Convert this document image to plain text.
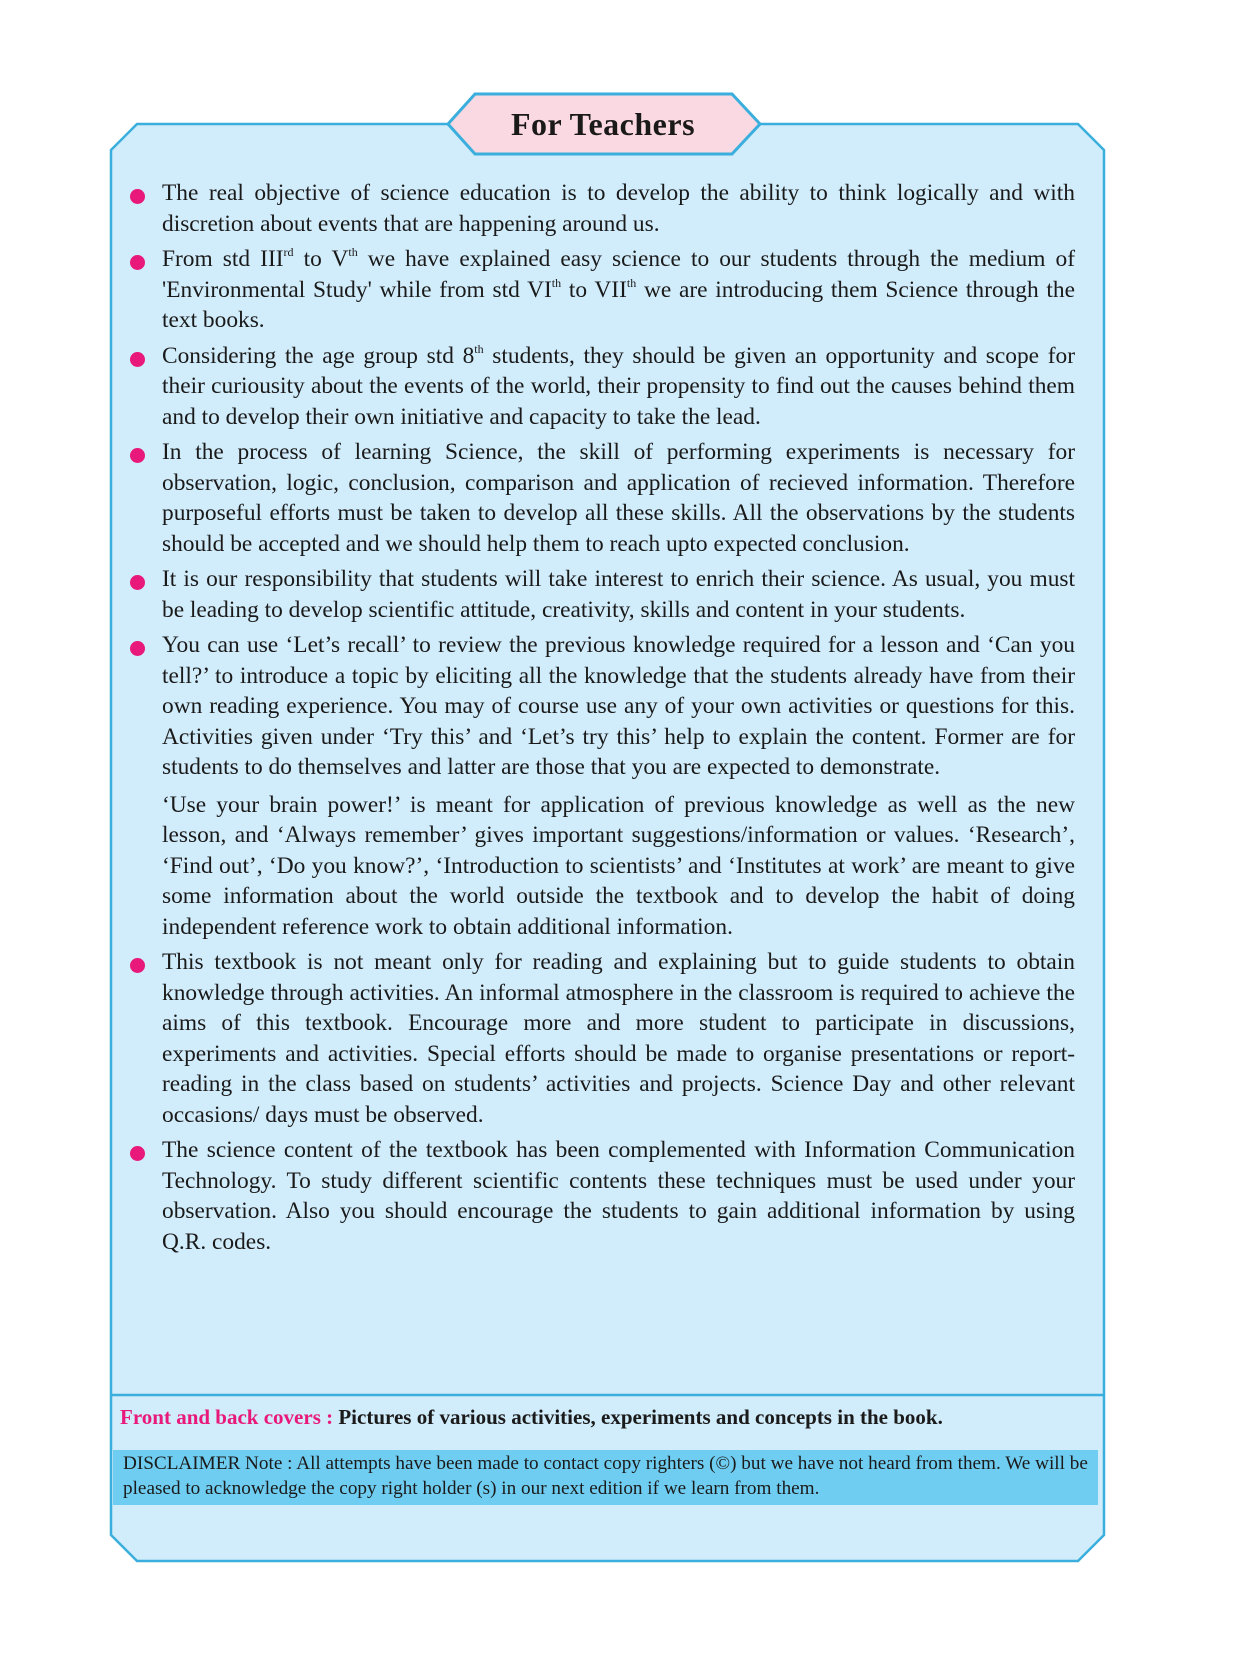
For Teachers

The real objective of science education is to develop the ability to think logically and with discretion about events that are happening around us.

From std IIIrd to Vth we have explained easy science to our students through the medium of 'Environmental Study' while from std VIth to VIIth we are introducing them Science through the text books.

Considering the age group std 8th students, they should be given an opportunity and scope for their curiousity about the events of the world, their propensity to find out the causes behind them and to develop their own initiative and capacity to take the lead.

In the process of learning Science, the skill of performing experiments is necessary for observation, logic, conclusion, comparison and application of recieved information. Therefore purposeful efforts must be taken to develop all these skills. All the observations by the students should be accepted and we should help them to reach upto expected conclusion.

It is our responsibility that students will take interest to enrich their science. As usual, you must be leading to develop scientific attitude, creativity, skills and content in your students.

You can use ‘Let’s recall’ to review the previous knowledge required for a lesson and ‘Can you tell?’ to introduce a topic by eliciting all the knowledge that the students already have from their own reading experience. You may of course use any of your own activities or questions for this. Activities given under ‘Try this’ and ‘Let’s try this’ help to explain the content. Former are for students to do themselves and latter are those that you are expected to demonstrate.

‘Use your brain power!’ is meant for application of previous knowledge as well as the new lesson, and ‘Always remember’ gives important suggestions/information or values. ‘Research’, ‘Find out’, ‘Do you know?’, ‘Introduction to scientists’ and ‘Institutes at work’ are meant to give some information about the world outside the textbook and to develop the habit of doing independent reference work to obtain additional information.

This textbook is not meant only for reading and explaining but to guide students to obtain knowledge through activities. An informal atmosphere in the classroom is required to achieve the aims of this textbook. Encourage more and more student to participate in discussions, experiments and activities. Special efforts should be made to organise presentations or report-reading in the class based on students’ activities and projects. Science Day and other relevant occasions/ days must be observed.

The science content of the textbook has been complemented with Information Communication Technology. To study different scientific contents these techniques must be used under your observation. Also you should encourage the students to gain additional information by using Q.R. codes.

Front and back covers : Pictures of various activities, experiments and concepts in the book.

DISCLAIMER Note : All attempts have been made to contact copy righters (©) but we have not heard from them. We will be pleased to acknowledge the copy right holder (s) in our next edition if we learn from them.
